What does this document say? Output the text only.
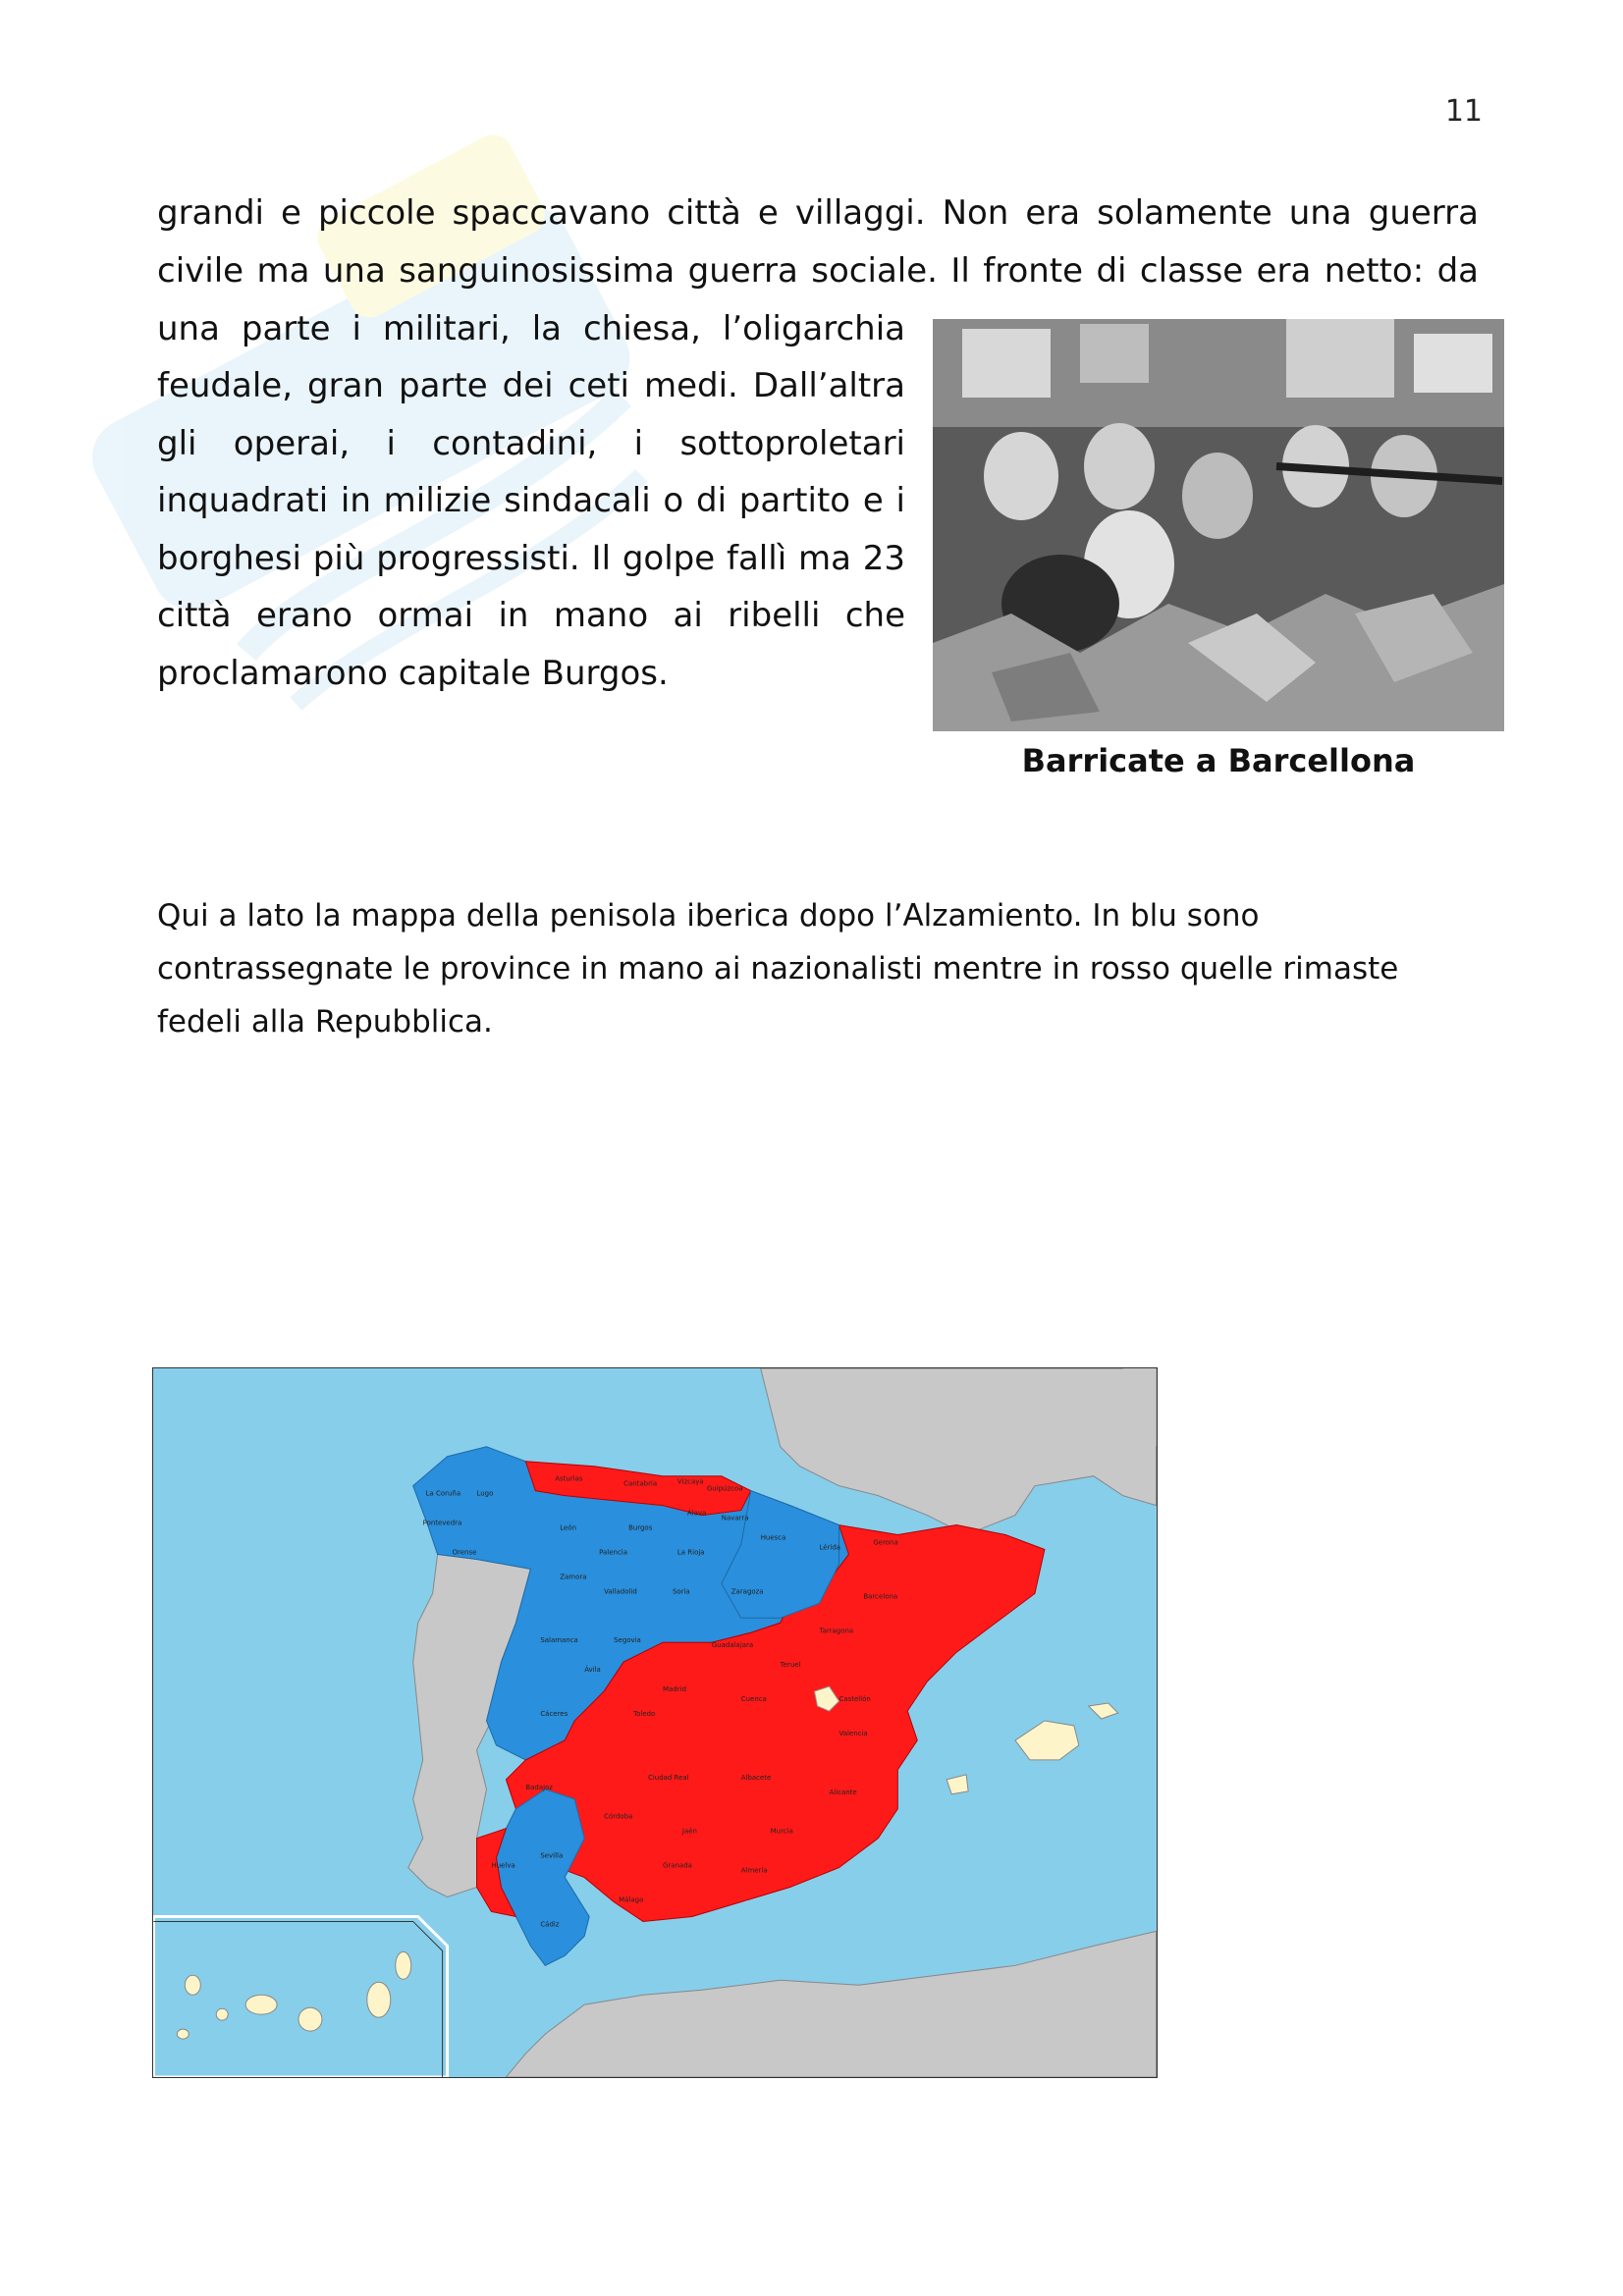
11
grandi e piccole spaccavano città e villaggi. Non era solamente una guerra
civile ma una sanguinosissima guerra sociale. Il fronte di classe era netto: da
una parte i militari, la chiesa, l’oligarchia
feudale, gran parte dei ceti medi. Dall’altra
gli operai, i contadini, i sottoproletari
inquadrati in milizie sindacali o di partito e i
borghesi più progressisti. Il golpe fallì ma 23
città erano ormai in mano ai ribelli che
proclamarono capitale Burgos.
Barricate a Barcellona
Qui a lato la mappa della penisola iberica dopo l’Alzamiento. In blu sono
contrassegnate le province in mano ai nazionalisti mentre in rosso quelle rimaste
fedeli alla Repubblica.
La Coruña Lugo
Asturias
Cantabria	Vizcaya
Guipúzcoa
Pontevedra
Orense
León	Burgos
Álava
Navarra
Palencia	La Rioja
Huesca
Lérida
Gerona
Zamora
Valladolid	Soria	Zaragoza
Barcelona
Salamanca	Segovia
Guadalajara
Tarragona
Teruel
Ávila
Madrid
Cuenca
Cáceres	Toledo
Castellón
Valencia
Badajoz
Ciudad Real	Albacete
Alicante
Córdoba
Jaén	Murcia
Huelva
Sevilla
Granada
Almería
Cádiz
Málaga
